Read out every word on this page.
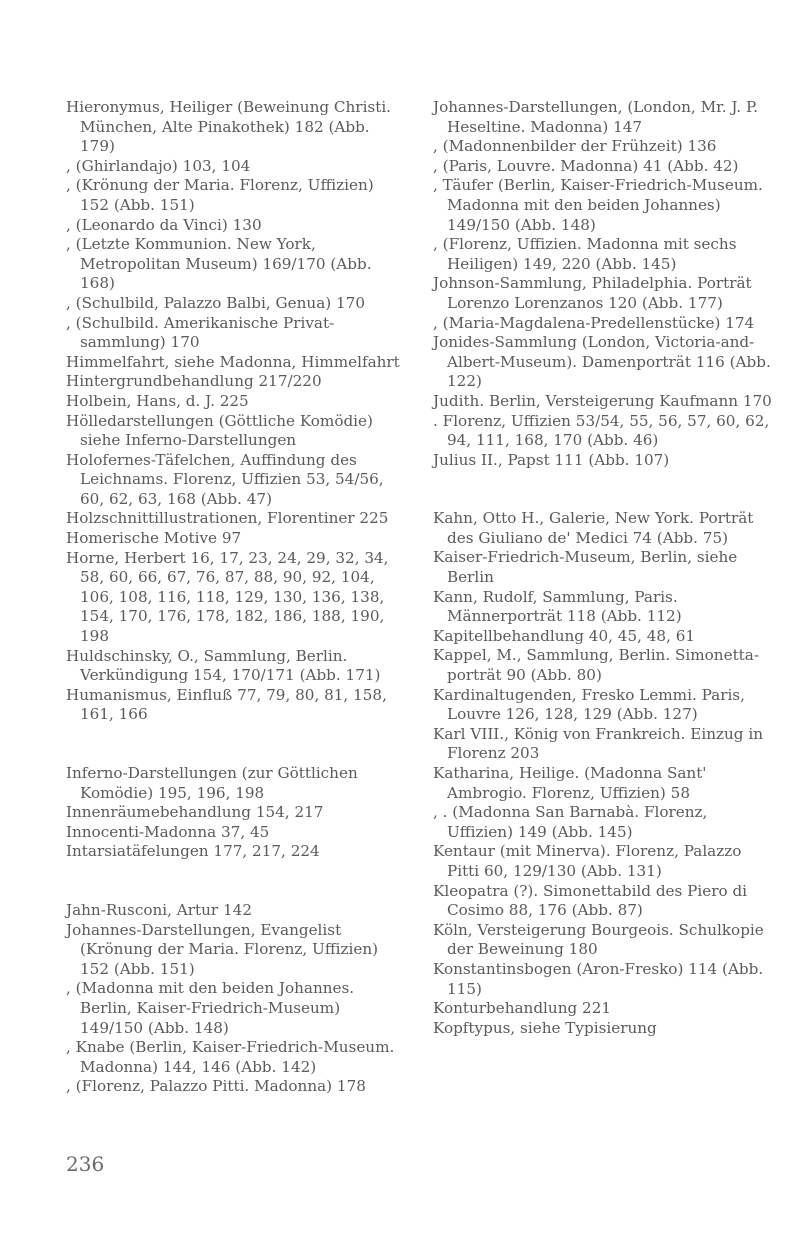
Hieronymus, Heiliger (Beweinung Christi. München, Alte Pinakothek) 182 (Abb. 179)
, (Ghirlandajo) 103, 104
, (Krönung der Maria. Florenz, Uffizien) 152 (Abb. 151)
, (Leonardo da Vinci) 130
, (Letzte Kommunion. New York, Metropolitan Museum) 169/170 (Abb. 168)
, (Schulbild, Palazzo Balbi, Genua) 170
, (Schulbild. Amerikanische Privat-sammlung) 170
Himmelfahrt, siehe Madonna, Himmelfahrt
Hintergrundbehandlung 217/220
Holbein, Hans, d. J. 225
Hölledarstellungen (Göttliche Komödie) siehe Inferno-Darstellungen
Holofernes-Täfelchen, Auffindung des Leichnams. Florenz, Uffizien 53, 54/56, 60, 62, 63, 168 (Abb. 47)
Holzschnittillustrationen, Florentiner 225
Homerische Motive 97
Horne, Herbert 16, 17, 23, 24, 29, 32, 34, 58, 60, 66, 67, 76, 87, 88, 90, 92, 104, 106, 108, 116, 118, 129, 130, 136, 138, 154, 170, 176, 178, 182, 186, 188, 190, 198
Huldschinsky, O., Sammlung, Berlin. Verkündigung 154, 170/171 (Abb. 171)
Humanismus, Einfluß 77, 79, 80, 81, 158, 161, 166
Inferno-Darstellungen (zur Göttlichen Komödie) 195, 196, 198
Innenräumebehandlung 154, 217
Innocenti-Madonna 37, 45
Intarsiatäfelungen 177, 217, 224
Jahn-Rusconi, Artur 142
Johannes-Darstellungen, Evangelist (Krönung der Maria. Florenz, Uffizien) 152 (Abb. 151)
, (Madonna mit den beiden Johannes. Berlin, Kaiser-Friedrich-Museum) 149/150 (Abb. 148)
, Knabe (Berlin, Kaiser-Friedrich-Museum. Madonna) 144, 146 (Abb. 142)
, (Florenz, Palazzo Pitti. Madonna) 178
Johannes-Darstellungen, (London, Mr. J. P. Heseltine. Madonna) 147
, (Madonnenbilder der Frühzeit) 136
, (Paris, Louvre. Madonna) 41 (Abb. 42)
, Täufer (Berlin, Kaiser-Friedrich-Museum. Madonna mit den beiden Johannes) 149/150 (Abb. 148)
, (Florenz, Uffizien. Madonna mit sechs Heiligen) 149, 220 (Abb. 145)
Johnson-Sammlung, Philadelphia. Porträt Lorenzo Lorenzanos 120 (Abb. 177)
, (Maria-Magdalena-Predellenstücke) 174
Jonides-Sammlung (London, Victoria-and-Albert-Museum). Damenporträt 116 (Abb. 122)
Judith. Berlin, Versteigerung Kaufmann 170
. Florenz, Uffizien 53/54, 55, 56, 57, 60, 62, 94, 111, 168, 170 (Abb. 46)
Julius II., Papst 111 (Abb. 107)
Kahn, Otto H., Galerie, New York. Porträt des Giuliano de' Medici 74 (Abb. 75)
Kaiser-Friedrich-Museum, Berlin, siehe Berlin
Kann, Rudolf, Sammlung, Paris. Männerporträt 118 (Abb. 112)
Kapitellbehandlung 40, 45, 48, 61
Kappel, M., Sammlung, Berlin. Simonetta-porträt 90 (Abb. 80)
Kardinaltugenden, Fresko Lemmi. Paris, Louvre 126, 128, 129 (Abb. 127)
Karl VIII., König von Frankreich. Einzug in Florenz 203
Katharina, Heilige. (Madonna Sant' Ambrogio. Florenz, Uffizien) 58
, . (Madonna San Barnabà. Florenz, Uffizien) 149 (Abb. 145)
Kentaur (mit Minerva). Florenz, Palazzo Pitti 60, 129/130 (Abb. 131)
Kleopatra (?). Simonettabild des Piero di Cosimo 88, 176 (Abb. 87)
Köln, Versteigerung Bourgeois. Schulkopie der Beweinung 180
Konstantinsbogen (Aron-Fresko) 114 (Abb. 115)
Konturbehandlung 221
Kopftypus, siehe Typisierung
236
